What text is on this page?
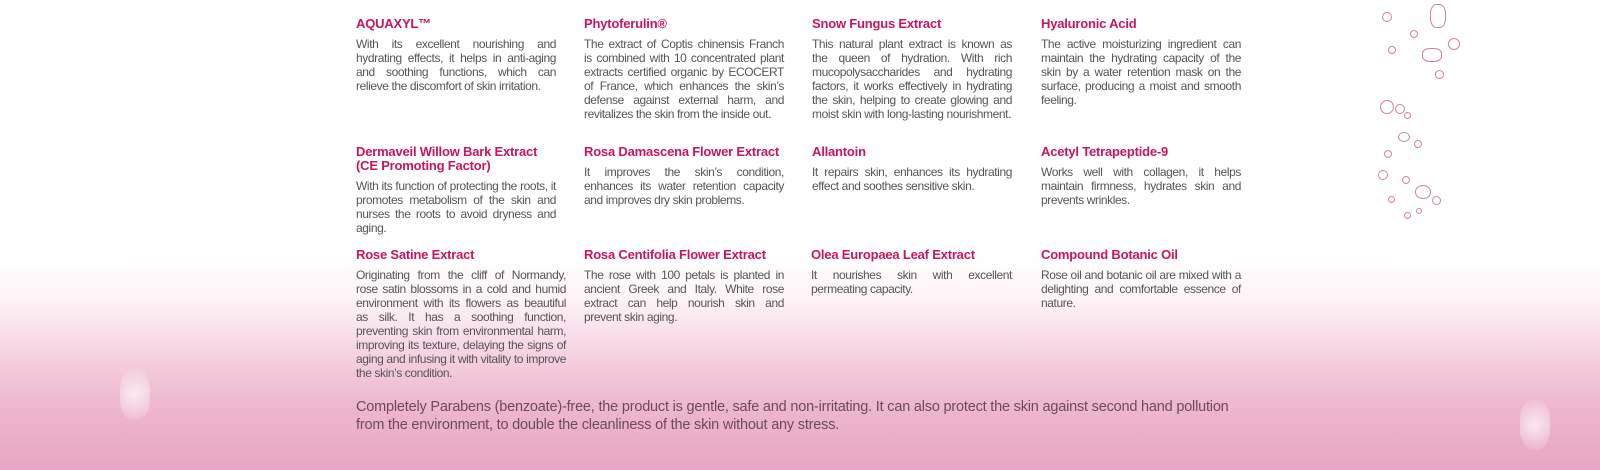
AQUAXYL™

With its excellent nourishing and hydrating effects, it helps in anti-aging and soothing functions, which can relieve the discomfort of skin irritation.

Phytoferulin®

The extract of Coptis chinensis Franch is combined with 10 concentrated plant extracts certified organic by ECOCERT of France, which enhances the skin’s defense against external harm, and revitalizes the skin from the inside out.

Snow Fungus Extract

This natural plant extract is known as the queen of hydration. With rich mucopolysaccharides and hydrating factors, it works effectively in hydrating the skin, helping to create glowing and moist skin with long-lasting nourishment.

Hyaluronic Acid

The active moisturizing ingredient can maintain the hydrating capacity of the skin by a water retention mask on the surface, producing a moist and smooth feeling.

Dermaveil Willow Bark Extract (CE Promoting Factor)

With its function of protecting the roots, it promotes metabolism of the skin and nurses the roots to avoid dryness and aging.

Rosa Damascena Flower Extract

It improves the skin’s condition, enhances its water retention capacity and improves dry skin problems.

Allantoin

It repairs skin, enhances its hydrating effect and soothes sensitive skin.

Acetyl Tetrapeptide-9

Works well with collagen, it helps maintain firmness, hydrates skin and prevents wrinkles.

Rose Satine Extract

Originating from the cliff of Normandy, rose satin blossoms in a cold and humid environment with its flowers as beautiful as silk. It has a soothing function, preventing skin from environmental harm, improving its texture, delaying the signs of aging and infusing it with vitality to improve the skin’s condition.

Rosa Centifolia Flower Extract

The rose with 100 petals is planted in ancient Greek and Italy. White rose extract can help nourish skin and prevent skin aging.

Olea Europaea Leaf Extract

It nourishes skin with excellent permeating capacity.

Compound Botanic Oil

Rose oil and botanic oil are mixed with a delighting and comfortable essence of nature.

Completely Parabens (benzoate)-free, the product is gentle, safe and non-irritating. It can also protect the skin against second hand pollution from the environment, to double the cleanliness of the skin without any stress.
